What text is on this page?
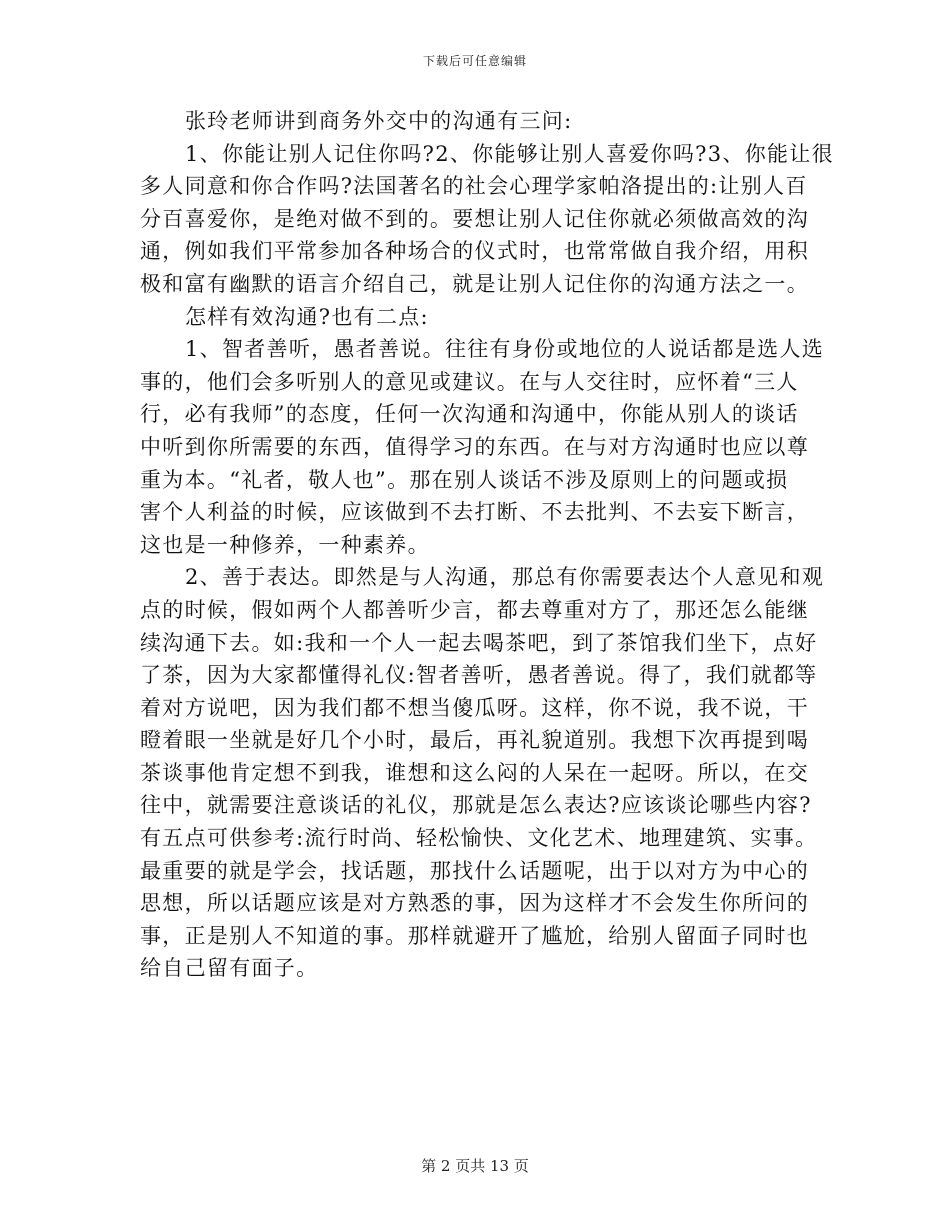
下载后可任意编辑
张玲老师讲到商务外交中的沟通有三问:
1、你能让别人记住你吗?2、你能够让别人喜爱你吗?3、你能让很
多人同意和你合作吗?法国著名的社会心理学家帕洛提出的:让别人百
分百喜爱你，是绝对做不到的。要想让别人记住你就必须做高效的沟
通，例如我们平常参加各种场合的仪式时，也常常做自我介绍，用积
极和富有幽默的语言介绍自己，就是让别人记住你的沟通方法之一。
怎样有效沟通?也有二点:
1、智者善听，愚者善说。往往有身份或地位的人说话都是选人选
事的，他们会多听别人的意见或建议。在与人交往时，应怀着“三人
行，必有我师”的态度，任何一次沟通和沟通中，你能从别人的谈话
中听到你所需要的东西，值得学习的东西。在与对方沟通时也应以尊
重为本。“礼者，敬人也”。那在别人谈话不涉及原则上的问题或损
害个人利益的时候，应该做到不去打断、不去批判、不去妄下断言，
这也是一种修养，一种素养。
2、善于表达。即然是与人沟通，那总有你需要表达个人意见和观
点的时候，假如两个人都善听少言，都去尊重对方了，那还怎么能继
续沟通下去。如:我和一个人一起去喝茶吧，到了茶馆我们坐下，点好
了茶，因为大家都懂得礼仪:智者善听，愚者善说。得了，我们就都等
着对方说吧，因为我们都不想当傻瓜呀。这样，你不说，我不说，干
瞪着眼一坐就是好几个小时，最后，再礼貌道别。我想下次再提到喝
茶谈事他肯定想不到我，谁想和这么闷的人呆在一起呀。所以，在交
往中，就需要注意谈话的礼仪，那就是怎么表达?应该谈论哪些内容?
有五点可供参考:流行时尚、轻松愉快、文化艺术、地理建筑、实事。
最重要的就是学会，找话题，那找什么话题呢，出于以对方为中心的
思想，所以话题应该是对方熟悉的事，因为这样才不会发生你所问的
事，正是别人不知道的事。那样就避开了尴尬，给别人留面子同时也
给自己留有面子。
第 2 页共 13 页
